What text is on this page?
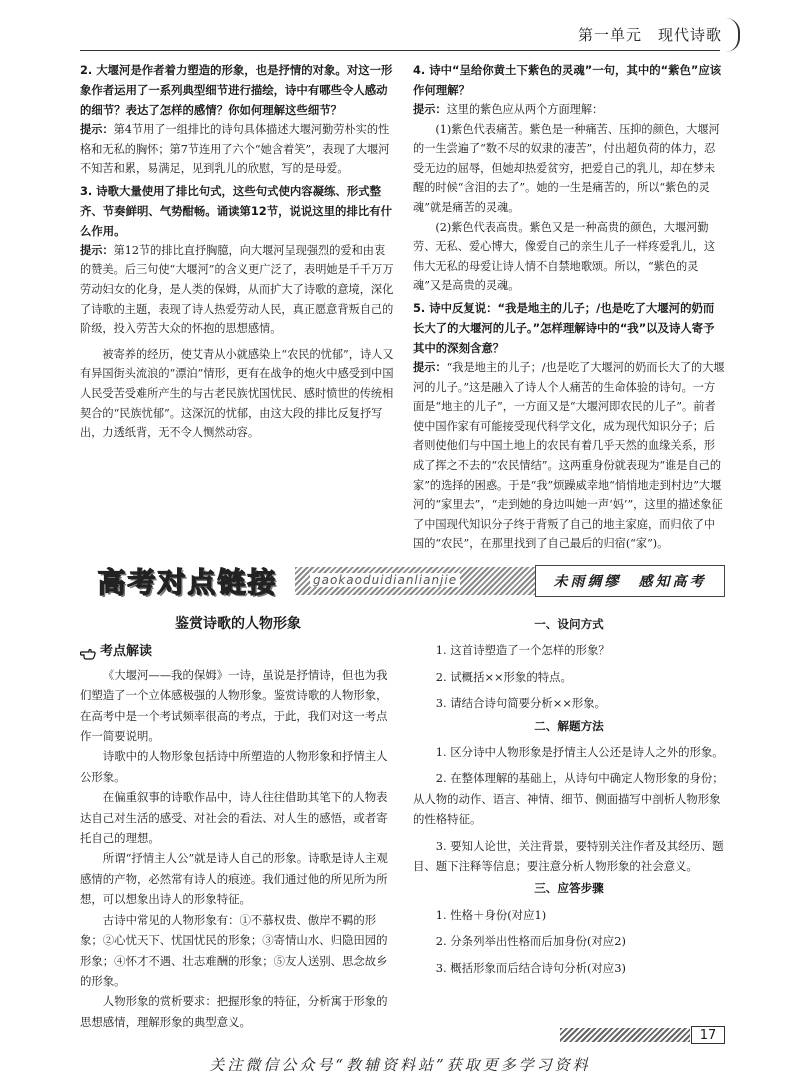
第一单元　现代诗歌
2. 大堰河是作者着力塑造的形象，也是抒情的对象。对这一形象作者运用了一系列典型细节进行描绘，诗中有哪些令人感动的细节？表达了怎样的感情？你如何理解这些细节？
提示：第4节用了一组排比的诗句具体描述大堰河勤劳朴实的性格和无私的胸怀；第7节连用了六个“她含着笑”，表现了大堰河不知苦和累，易满足，见到乳儿的欣慰，写的是母爱。
3. 诗歌大量使用了排比句式，这些句式使内容凝练、形式整齐、节奏鲜明、气势酣畅。诵读第12节，说说这里的排比有什么作用。
提示：第12节的排比直抒胸臆，向大堰河呈现强烈的爱和由衷的赞美。后三句使“大堰河”的含义更广泛了，表明她是千千万万劳动妇女的化身，是人类的保姆，从而扩大了诗歌的意境，深化了诗歌的主题，表现了诗人热爱劳动人民，真正愿意背叛自己的阶级，投入劳苦大众的怀抱的思想感情。
被寄养的经历，使艾青从小就感染上“农民的忧郁”，诗人又有异国街头流浪的“漂泊”情形，更有在战争的炮火中感受到中国人民受苦受难所产生的与古老民族忧国忧民、感时愤世的传统相契合的“民族忧郁”。这深沉的忧郁，由这大段的排比反复抒写出，力透纸背，无不令人恻然动容。
4. 诗中“呈给你黄土下紫色的灵魂”一句，其中的“紫色”应该作何理解？
提示：这里的紫色应从两个方面理解：
(1)紫色代表痛苦。紫色是一种痛苦、压抑的颜色，大堰河的一生尝遍了“数不尽的奴隶的凄苦”，付出超负荷的体力，忍受无边的屈辱，但她却热爱贫穷，把爱自己的乳儿，却在梦未醒的时候“含泪的去了”。她的一生是痛苦的，所以“紫色的灵魂”就是痛苦的灵魂。
(2)紫色代表高贵。紫色又是一种高贵的颜色，大堰河勤劳、无私、爱心博大，像爱自己的亲生儿子一样疼爱乳儿，这伟大无私的母爱让诗人情不自禁地歌颂。所以，“紫色的灵魂”又是高贵的灵魂。
5. 诗中反复说：“我是地主的儿子；/也是吃了大堰河的奶而长大了的大堰河的儿子。”怎样理解诗中的“我”以及诗人寄予其中的深刻含意？
提示：“我是地主的儿子；/也是吃了大堰河的奶而长大了的大堰河的儿子。”这是融入了诗人个人痛苦的生命体验的诗句。一方面是“地主的儿子”，一方面又是“大堰河即农民的儿子”。前者使中国作家有可能接受现代科学文化，成为现代知识分子；后者则使他们与中国土地上的农民有着几乎天然的血缘关系，形成了挥之不去的“农民情结”。这两重身份就表现为“谁是自己的家”的选择的困惑。于是“我”烦躁威幸地“悄悄地走到村边”大堰河的“家里去”，“走到她的身边叫她一声‘妈’”，这里的描述象征了中国现代知识分子终于背叛了自己的地主家庭，而归依了中国的“农民”，在那里找到了自己最后的归宿(“家”)。
高考对点链接	gaokaoduidianlianjie	未雨绸缪　感知高考
鉴赏诗歌的人物形象
考点解读
《大堰河——我的保姆》一诗，虽说是抒情诗，但也为我们塑造了一个立体感极强的人物形象。鉴赏诗歌的人物形象，在高考中是一个考试频率很高的考点，于此，我们对这一考点作一简要说明。
诗歌中的人物形象包括诗中所塑造的人物形象和抒情主人公形象。
在偏重叙事的诗歌作品中，诗人往往借助其笔下的人物表达自己对生活的感受、对社会的看法、对人生的感悟，或者寄托自己的理想。
所谓“抒情主人公”就是诗人自己的形象。诗歌是诗人主观感情的产物，必然常有诗人的痕迹。我们通过他的所见所为所想，可以想象出诗人的形象特征。
古诗中常见的人物形象有：①不慕权贵、傲岸不羁的形象；②心忧天下、忧国忧民的形象；③寄情山水、归隐田园的形象；④怀才不遇、壮志难酬的形象；⑤友人送别、思念故乡的形象。
人物形象的赏析要求：把握形象的特征，分析寓于形象的思想感情，理解形象的典型意义。
一、设问方式
1. 这首诗塑造了一个怎样的形象？
2. 试概括××形象的特点。
3. 请结合诗句简要分析××形象。
二、解题方法
1. 区分诗中人物形象是抒情主人公还是诗人之外的形象。
2. 在整体理解的基础上，从诗句中确定人物形象的身份；从人物的动作、语言、神情、细节、侧面描写中剖析人物形象的性格特征。
3. 要知人论世，关注背景，要特别关注作者及其经历、题目、题下注释等信息；要注意分析人物形象的社会意义。
三、应答步骤
1. 性格＋身份(对应1)
2. 分条列举出性格而后加身份(对应2)
3. 概括形象而后结合诗句分析(对应3)
17
关注微信公众号“教辅资料站”获取更多学习资料
